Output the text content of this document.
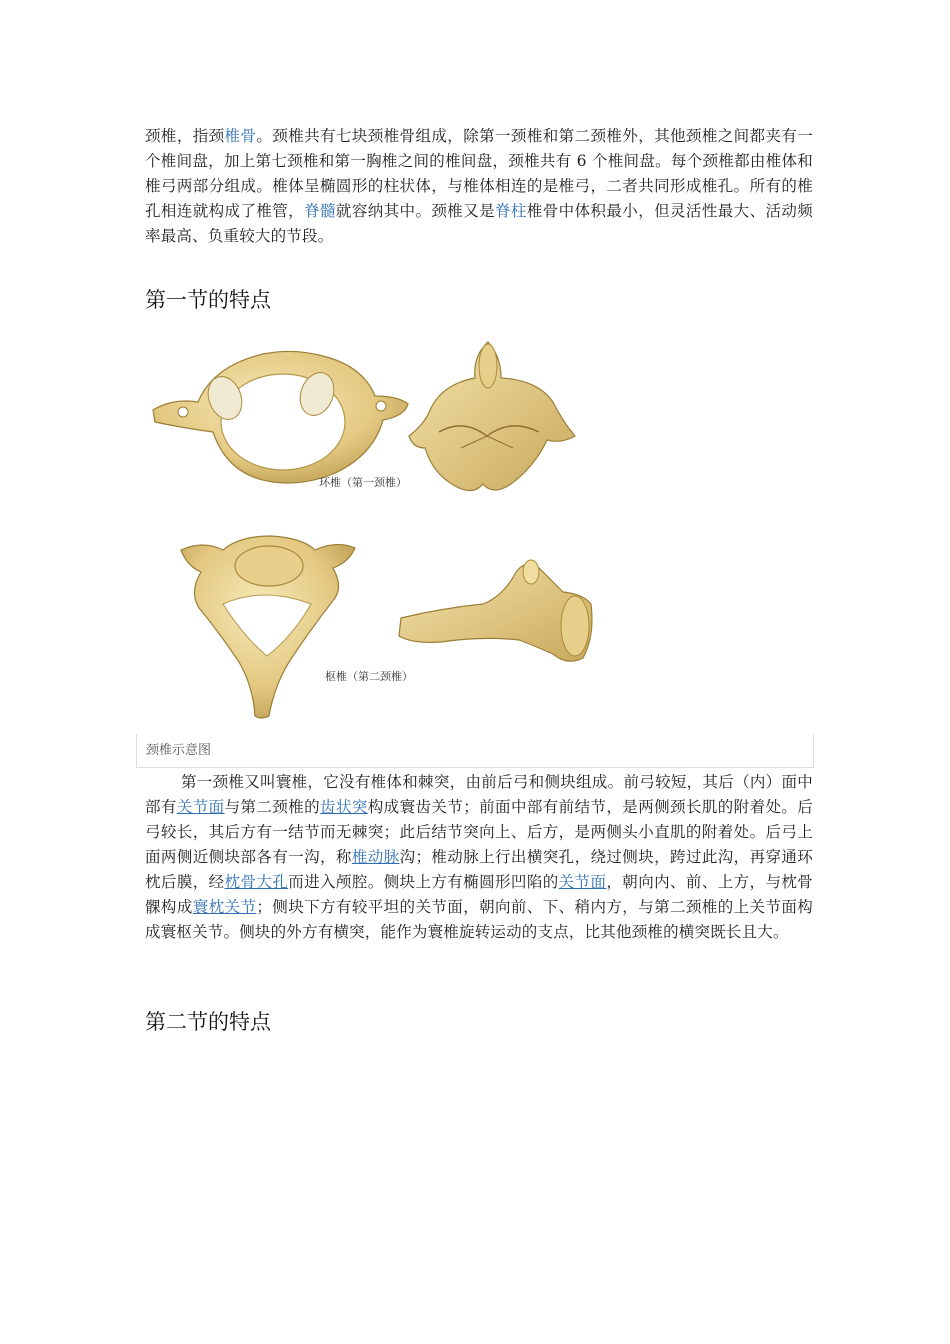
颈椎，指颈椎骨。颈椎共有七块颈椎骨组成，除第一颈椎和第二颈椎外，其他颈椎之间都夹有一个椎间盘，加上第七颈椎和第一胸椎之间的椎间盘，颈椎共有 6 个椎间盘。每个颈椎都由椎体和椎弓两部分组成。椎体呈椭圆形的柱状体，与椎体相连的是椎弓，二者共同形成椎孔。所有的椎孔相连就构成了椎管，脊髓就容纳其中。颈椎又是脊柱椎骨中体积最小，但灵活性最大、活动频率最高、负重较大的节段。

第一节的特点
环椎（第一颈椎）
枢椎（第二颈椎）
颈椎示意图

第一颈椎又叫寰椎，它没有椎体和棘突，由前后弓和侧块组成。前弓较短，其后（内）面中部有关节面与第二颈椎的齿状突构成寰齿关节；前面中部有前结节，是两侧颈长肌的附着处。后弓较长，其后方有一结节而无棘突；此后结节突向上、后方，是两侧头小直肌的附着处。后弓上面两侧近侧块部各有一沟，称椎动脉沟；椎动脉上行出横突孔，绕过侧块，跨过此沟，再穿通环枕后膜，经枕骨大孔而进入颅腔。侧块上方有椭圆形凹陷的关节面，朝向内、前、上方，与枕骨髁构成寰枕关节；侧块下方有较平坦的关节面，朝向前、下、稍内方，与第二颈椎的上关节面构成寰枢关节。侧块的外方有横突，能作为寰椎旋转运动的支点，比其他颈椎的横突既长且大。

第二节的特点
